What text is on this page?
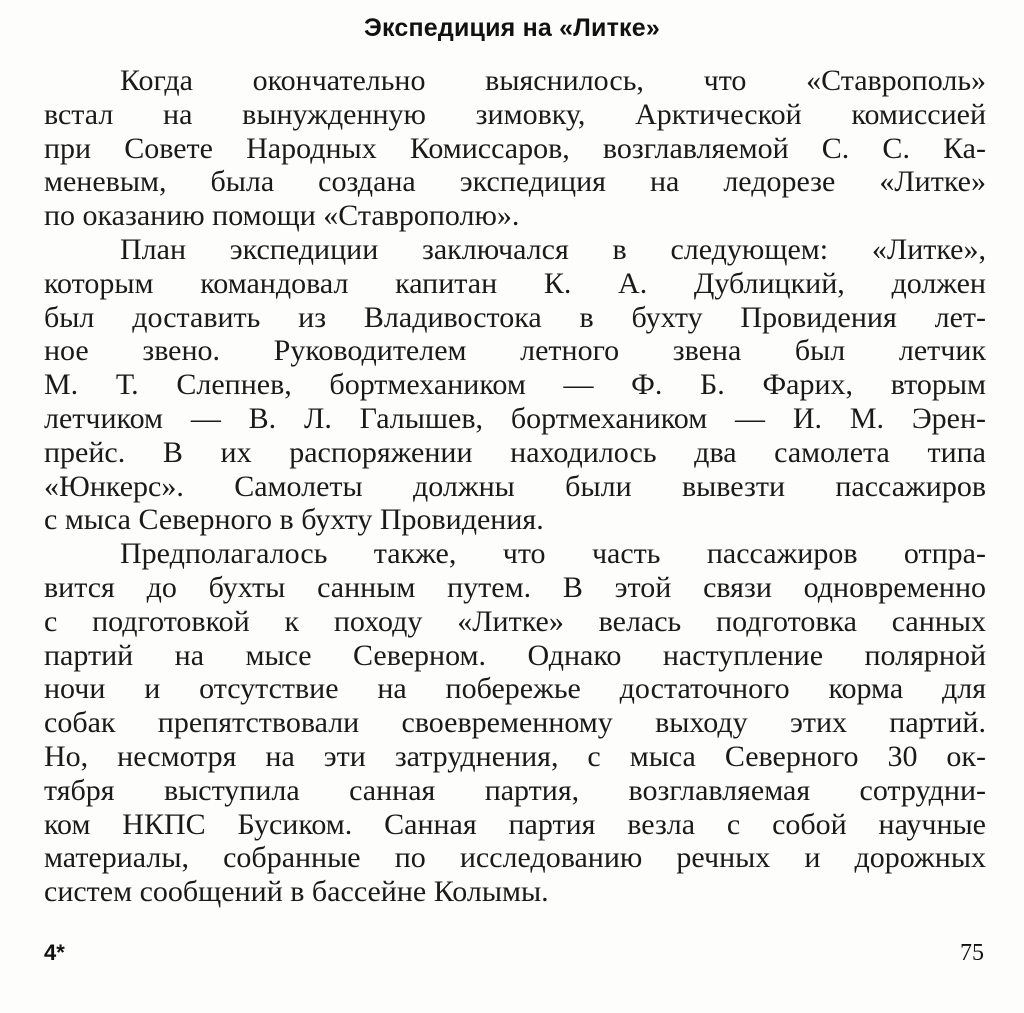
Экспедиция на «Литке»
Когда окончательно выяснилось, что «Ставрополь»
встал на вынужденную зимовку, Арктической комиссией
при Совете Народных Комиссаров, возглавляемой С. С. Ка-
меневым, была создана экспедиция на ледорезе «Литке»
по оказанию помощи «Ставрополю».
План экспедиции заключался в следующем: «Литке»,
которым командовал капитан К. А. Дублицкий, должен
был доставить из Владивостока в бухту Провидения лет-
ное звено. Руководителем летного звена был летчик
М. Т. Слепнев, бортмехаником — Ф. Б. Фарих, вторым
летчиком — В. Л. Галышев, бортмехаником — И. М. Эрен-
прейс. В их распоряжении находилось два самолета типа
«Юнкерс». Самолеты должны были вывезти пассажиров
с мыса Северного в бухту Провидения.
Предполагалось также, что часть пассажиров отпра-
вится до бухты санным путем. В этой связи одновременно
с подготовкой к походу «Литке» велась подготовка санных
партий на мысе Северном. Однако наступление полярной
ночи и отсутствие на побережье достаточного корма для
собак препятствовали своевременному выходу этих партий.
Но, несмотря на эти затруднения, с мыса Северного 30 ок-
тября выступила санная партия, возглавляемая сотрудни-
ком НКПС Бусиком. Санная партия везла с собой научные
материалы, собранные по исследованию речных и дорожных
систем сообщений в бассейне Колымы.
4*	75
